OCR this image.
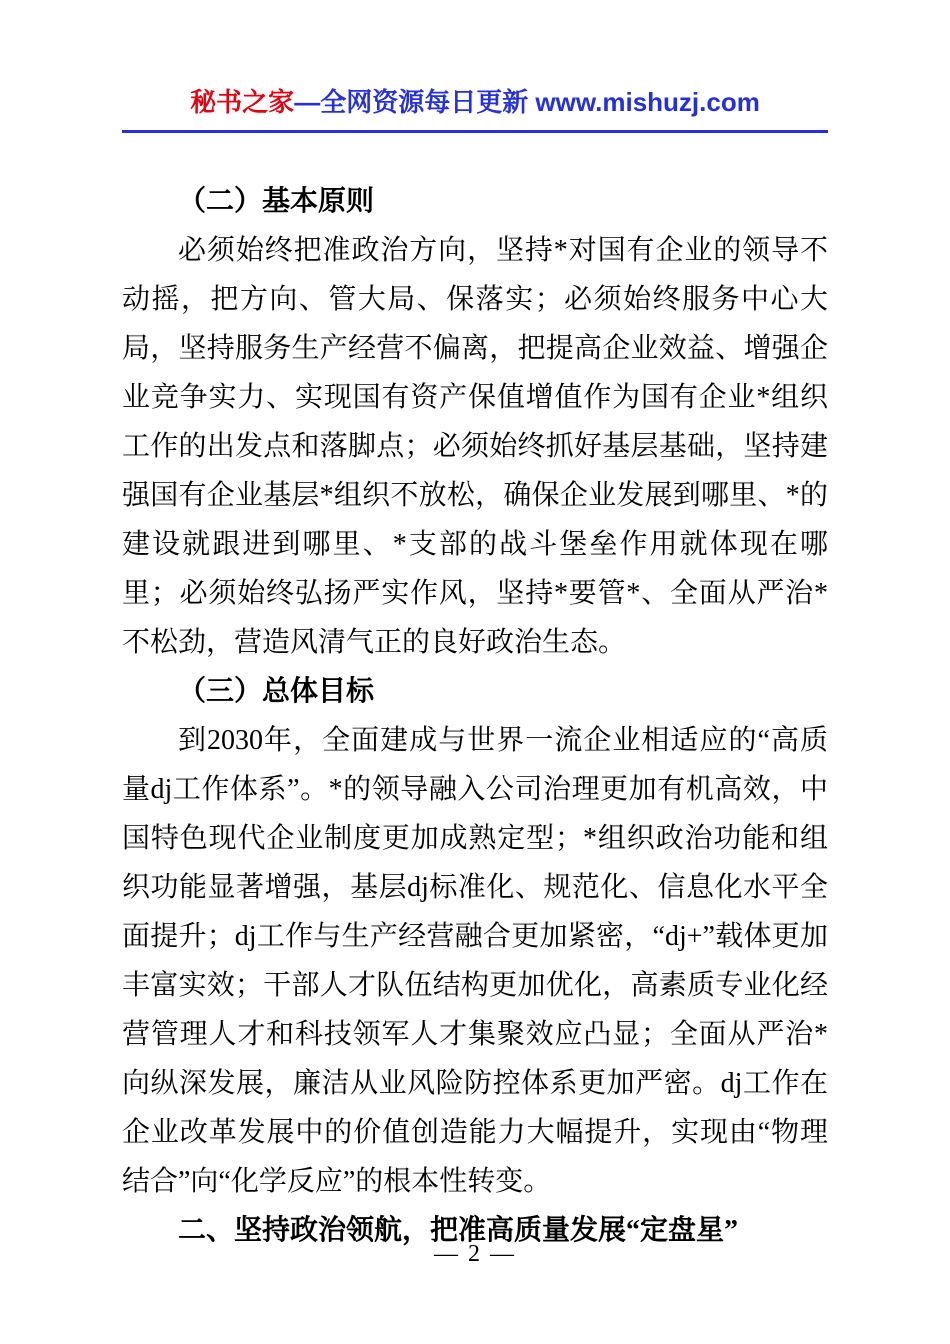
秘书之家—全网资源每日更新 www.mishuzj.com
（二）基本原则

必须始终把准政治方向，坚持*对国有企业的领导不动摇，把方向、管大局、保落实；必须始终服务中心大局，坚持服务生产经营不偏离，把提高企业效益、增强企业竞争实力、实现国有资产保值增值作为国有企业*组织工作的出发点和落脚点；必须始终抓好基层基础，坚持建强国有企业基层*组织不放松，确保企业发展到哪里、*的建设就跟进到哪里、*支部的战斗堡垒作用就体现在哪里；必须始终弘扬严实作风，坚持*要管*、全面从严治*不松劲，营造风清气正的良好政治生态。

（三）总体目标

到2030年，全面建成与世界一流企业相适应的“高质量dj工作体系”。*的领导融入公司治理更加有机高效，中国特色现代企业制度更加成熟定型；*组织政治功能和组织功能显著增强，基层dj标准化、规范化、信息化水平全面提升；dj工作与生产经营融合更加紧密，“dj+”载体更加丰富实效；干部人才队伍结构更加优化，高素质专业化经营管理人才和科技领军人才集聚效应凸显；全面从严治*向纵深发展，廉洁从业风险防控体系更加严密。dj工作在企业改革发展中的价值创造能力大幅提升，实现由“物理结合”向“化学反应”的根本性转变。

二、坚持政治领航，把准高质量发展“定盘星”
— 2 —
